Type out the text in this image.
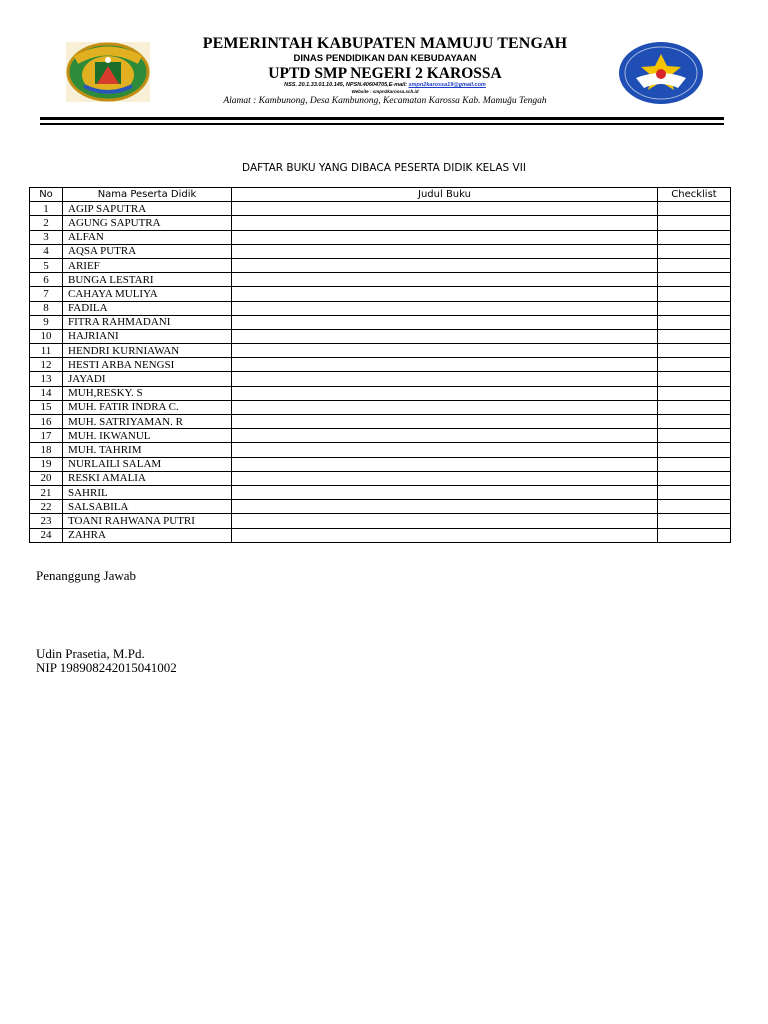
PEMERINTAH KABUPATEN MAMUJU TENGAH
DINAS PENDIDIKAN DAN KEBUDAYAAN
UPTD SMP NEGERI 2 KAROSSA
NSS. 20.1.33.01.10.145, NPSN.40604705,E-mail: smpn2karossa19@gmail.com
Website : smpn2karossa.sch.id
Alamat : Kambunong, Desa Kambunong, Kecamatan Karossa Kab. Mamuğu Tengah
DAFTAR BUKU YANG DIBACA PESERTA DIDIK KELAS VII
No	Nama Peserta Didik	Judul Buku	Checklist
1	AGIP SAPUTRA		
2	AGUNG SAPUTRA		
3	ALFAN		
4	AQSA PUTRA		
5	ARIEF		
6	BUNGA LESTARI		
7	CAHAYA MULIYA		
8	FADILA		
9	FITRA RAHMADANI		
10	HAJRIANI		
11	HENDRI KURNIAWAN		
12	HESTI ARBA NENGSI		
13	JAYADI		
14	MUH,RESKY. S		
15	MUH. FATIR INDRA C.		
16	MUH. SATRIYAMAN. R		
17	MUH. IKWANUL		
18	MUH. TAHRIM		
19	NURLAILI SALAM		
20	RESKI AMALIA		
21	SAHRIL		
22	SALSABILA		
23	TOANI RAHWANA PUTRI		
24	ZAHRA		
Penanggung Jawab
Udin Prasetia, M.Pd.
NIP 198908242015041002
